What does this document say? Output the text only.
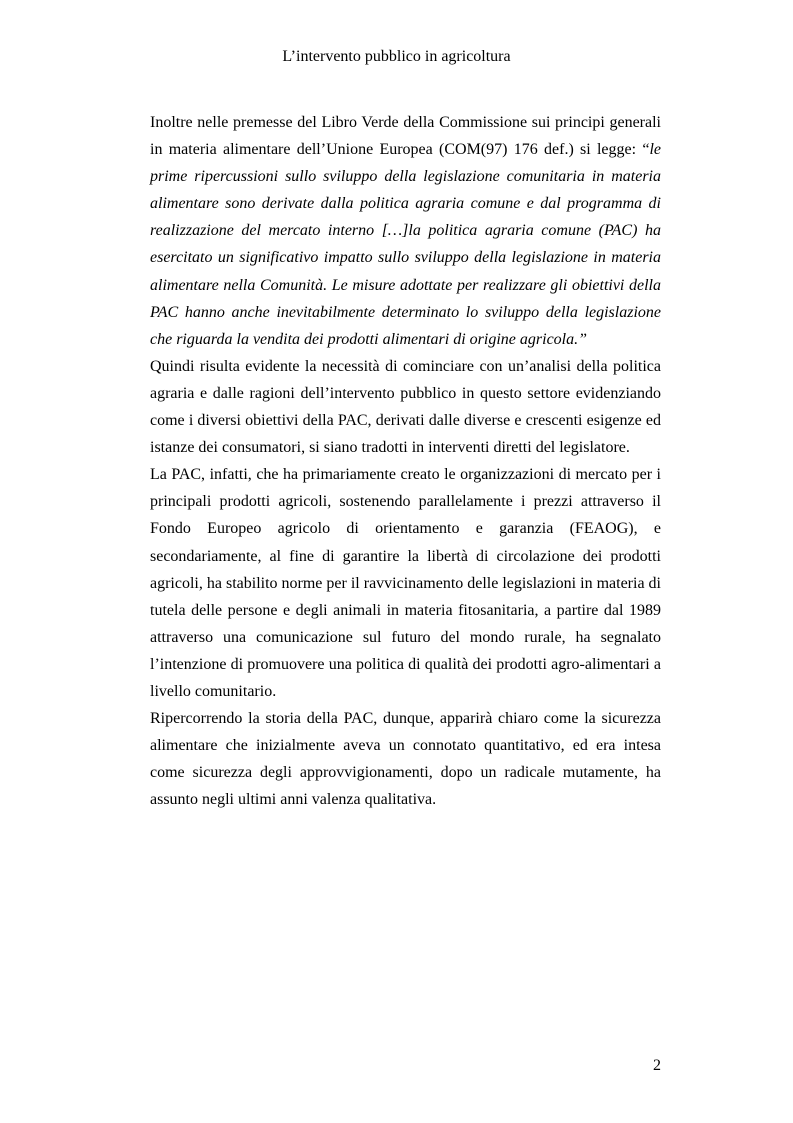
L’intervento pubblico in agricoltura

Inoltre nelle premesse del Libro Verde della Commissione sui principi generali in materia alimentare dell’Unione Europea (COM(97) 176 def.) si legge: “le prime ripercussioni sullo sviluppo della legislazione comunitaria in materia alimentare sono derivate dalla politica agraria comune e dal programma di realizzazione del mercato interno […]la politica agraria comune (PAC) ha esercitato un significativo impatto sullo sviluppo della legislazione in materia alimentare nella Comunità. Le misure adottate per realizzare gli obiettivi della PAC hanno anche inevitabilmente determinato lo sviluppo della legislazione che riguarda la vendita dei prodotti alimentari di origine agricola.”

Quindi risulta evidente la necessità di cominciare con un’analisi della politica agraria e dalle ragioni dell’intervento pubblico in questo settore evidenziando come i diversi obiettivi della PAC, derivati dalle diverse e crescenti esigenze ed istanze dei consumatori, si siano tradotti in interventi diretti del legislatore.

La PAC, infatti, che ha primariamente creato le organizzazioni di mercato per i principali prodotti agricoli, sostenendo parallelamente i prezzi attraverso il Fondo Europeo agricolo di orientamento e garanzia (FEAOG), e secondariamente, al fine di garantire la libertà di circolazione dei prodotti agricoli, ha stabilito norme per il ravvicinamento delle legislazioni in materia di tutela delle persone e degli animali in materia fitosanitaria, a partire dal 1989 attraverso una comunicazione sul futuro del mondo rurale, ha segnalato l’intenzione di promuovere una politica di qualità dei prodotti agro-alimentari a livello comunitario.

Ripercorrendo la storia della PAC, dunque, apparirà chiaro come la sicurezza alimentare che inizialmente aveva un connotato quantitativo, ed era intesa come sicurezza degli approvvigionamenti, dopo un radicale mutamente, ha assunto negli ultimi anni valenza qualitativa.

2
